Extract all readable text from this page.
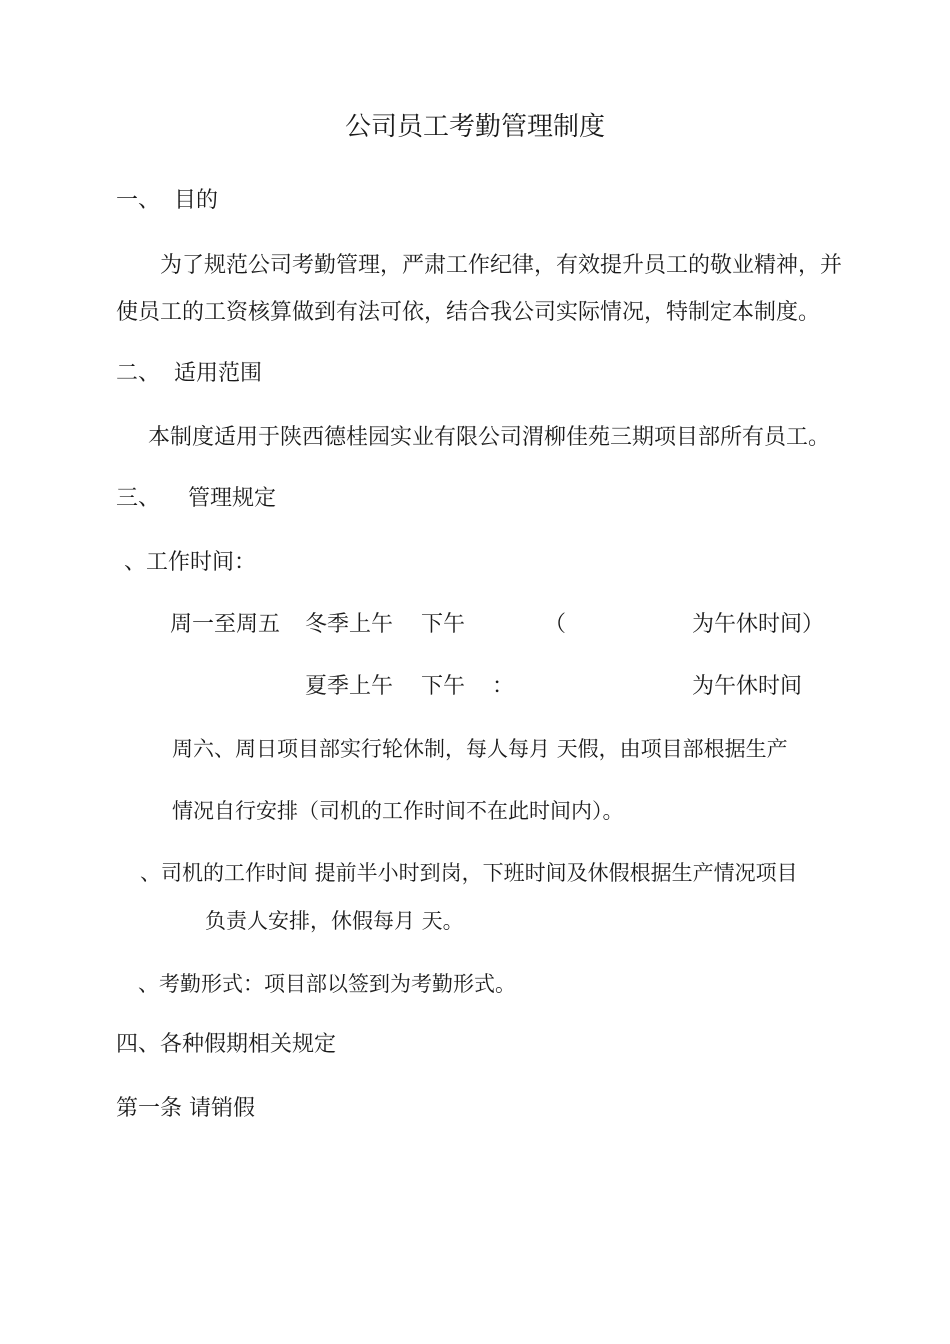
公司员工考勤管理制度
一、 目的
为了规范公司考勤管理，严肃工作纪律，有效提升员工的敬业精神，并
使员工的工资核算做到有法可依，结合我公司实际情况，特制定本制度。
二、 适用范围
本制度适用于陕西德桂园实业有限公司渭柳佳苑三期项目部所有员工。
三、 管理规定
、工作时间：
周一至周五 冬季上午 下午	（	为午休时间）
夏季上午 下午 ：	为午休时间
周六、周日项目部实行轮休制，每人每月 天假，由项目部根据生产
情况自行安排（司机的工作时间不在此时间内）。
、司机的工作时间 提前半小时到岗，下班时间及休假根据生产情况项目
负责人安排，休假每月 天。
、考勤形式：项目部以签到为考勤形式。
四、各种假期相关规定
第一条 请销假
